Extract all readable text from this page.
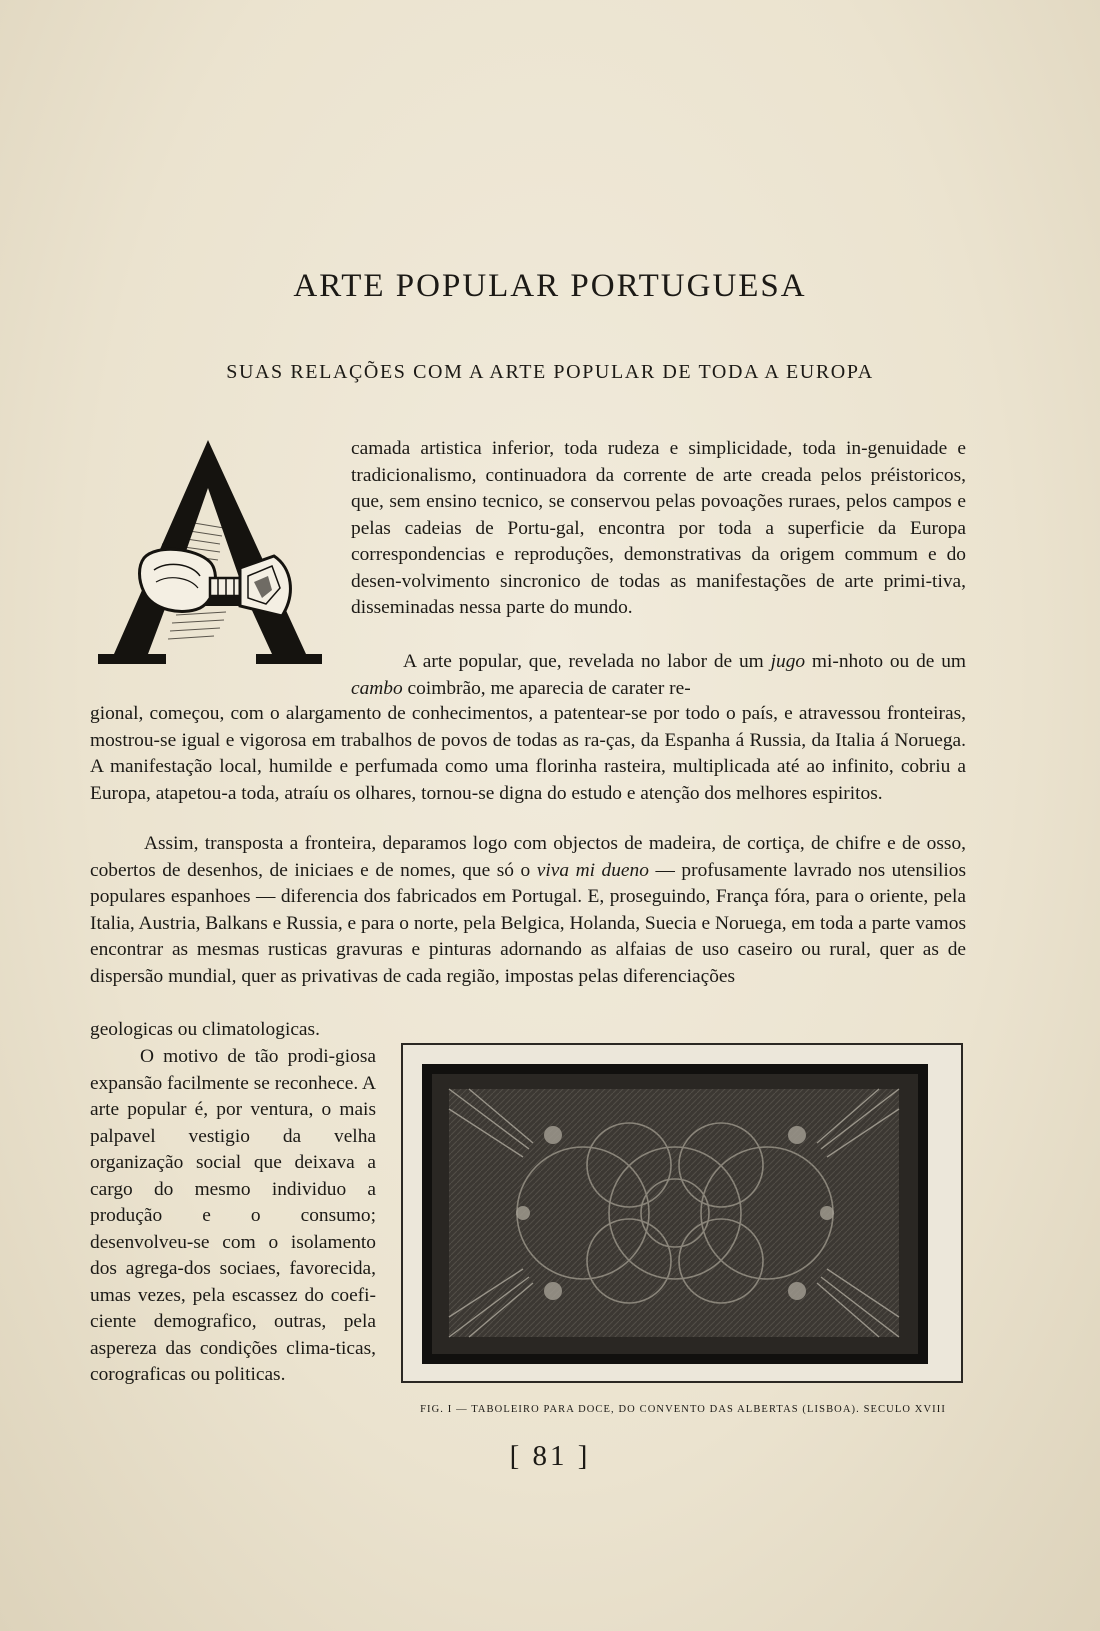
ARTE POPULAR PORTUGUESA
SUAS RELAÇÕES COM A ARTE POPULAR DE TODA A EUROPA

camada artistica inferior, toda rudeza e simplicidade, toda in-genuidade e tradicionalismo, continuadora da corrente de arte creada pelos préistoricos, que, sem ensino tecnico, se conservou pelas povoações ruraes, pelos campos e pelas cadeias de Portu-gal, encontra por toda a superficie da Europa correspondencias e reproduções, demonstrativas da origem commum e do desen-volvimento sincronico de todas as manifestações de arte primi-tiva, disseminadas nessa parte do mundo.

A arte popular, que, revelada no labor de um jugo mi-nhoto ou de um cambo coimbrão, me aparecia de carater re-

gional, começou, com o alargamento de conhecimentos, a patentear-se por todo o país, e atravessou fronteiras, mostrou-se igual e vigorosa em trabalhos de povos de todas as ra-ças, da Espanha á Russia, da Italia á Noruega. A manifestação local, humilde e perfumada como uma florinha rasteira, multiplicada até ao infinito, cobriu a Europa, atapetou-a toda, atraíu os olhares, tornou-se digna do estudo e atenção dos melhores espiritos.

Assim, transposta a fronteira, deparamos logo com objectos de madeira, de cortiça, de chifre e de osso, cobertos de desenhos, de iniciaes e de nomes, que só o viva mi dueno — profusamente lavrado nos utensilios populares espanhoes — diferencia dos fabricados em Portugal. E, proseguindo, França fóra, para o oriente, pela Italia, Austria, Balkans e Russia, e para o norte, pela Belgica, Holanda, Suecia e Noruega, em toda a parte vamos encontrar as mesmas rusticas gravuras e pinturas adornando as alfaias de uso caseiro ou rural, quer as de dispersão mundial, quer as privativas de cada região, impostas pelas diferenciações

geologicas ou climatologicas.

O motivo de tão prodi-giosa expansão facilmente se reconhece. A arte popular é, por ventura, o mais palpavel vestigio da velha organização social que deixava a cargo do mesmo individuo a produção e o consumo; desenvolveu-se com o isolamento dos agrega-dos sociaes, favorecida, umas vezes, pela escassez do coefi-ciente demografico, outras, pela aspereza das condições clima-ticas, corograficas ou politicas.

FIG. I — TABOLEIRO PARA DOCE, DO CONVENTO DAS ALBERTAS (LISBOA). SECULO XVIII
[ 81 ]
